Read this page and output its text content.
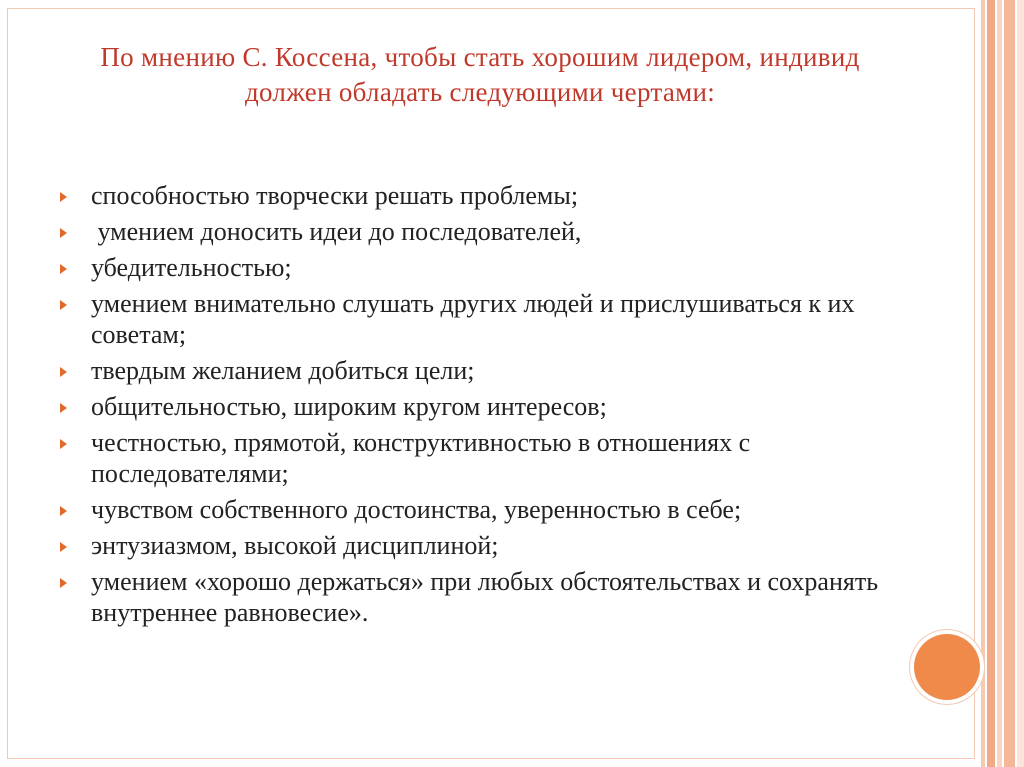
По мнению С. Коссена, чтобы стать хорошим лидером, индивид должен обладать следующими чертами:
способностью творчески решать проблемы;
умением доносить идеи до последователей,
убедительностью;
умением внимательно слушать других людей и прислушиваться к их советам;
твердым желанием добиться цели;
общительностью, широким кругом интересов;
честностью, прямотой, конструктивностью в отношениях с последователями;
чувством собственного достоинства, уверенностью в себе;
энтузиазмом, высокой дисциплиной;
умением «хорошо держаться» при любых обстоятельствах и сохранять внутреннее равновесие».
